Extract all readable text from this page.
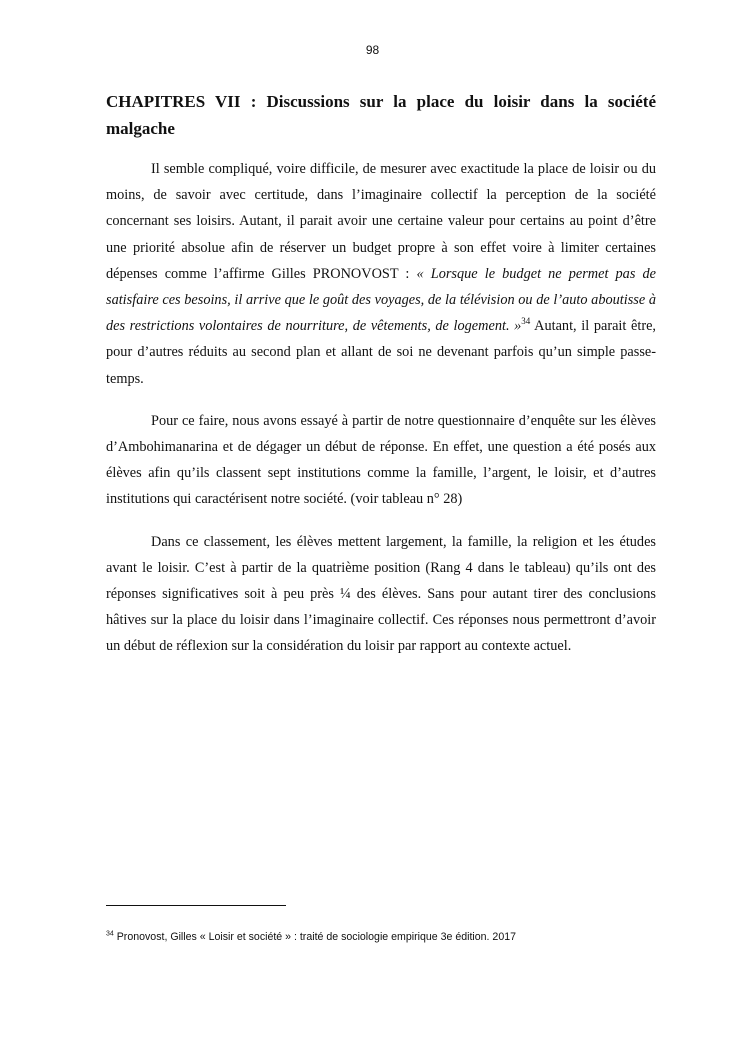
98
CHAPITRES VII : Discussions sur la place du loisir dans la société malgache

Il semble compliqué, voire difficile, de mesurer avec exactitude la place de loisir ou du moins, de savoir avec certitude, dans l’imaginaire collectif la perception de la société concernant ses loisirs. Autant, il parait avoir une certaine valeur pour certains au point d’être une priorité absolue afin de réserver un budget propre à son effet voire à limiter certaines dépenses comme l’affirme Gilles PRONOVOST : « Lorsque le budget ne permet pas de satisfaire ces besoins, il arrive que le goût des voyages, de la télévision ou de l’auto aboutisse à des restrictions volontaires de nourriture, de vêtements, de logement. »$^{34}$ Autant, il parait être, pour d’autres réduits au second plan et allant de soi ne devenant parfois qu’un simple passe-temps.

Pour ce faire, nous avons essayé à partir de notre questionnaire d’enquête sur les élèves d’Ambohimanarina et de dégager un début de réponse. En effet, une question a été posés aux élèves afin qu’ils classent sept institutions comme la famille, l’argent, le loisir, et d’autres institutions qui caractérisent notre société. (voir tableau n° 28)

Dans ce classement, les élèves mettent largement, la famille, la religion et les études avant le loisir. C’est à partir de la quatrième position (Rang 4 dans le tableau) qu’ils ont des réponses significatives soit à peu près ¼ des élèves. Sans pour autant tirer des conclusions hâtives sur la place du loisir dans l’imaginaire collectif. Ces réponses nous permettront d’avoir un début de réflexion sur la considération du loisir par rapport au contexte actuel.

$^{34}$ Pronovost, Gilles « Loisir et société » : traité de sociologie empirique 3e édition. 2017
